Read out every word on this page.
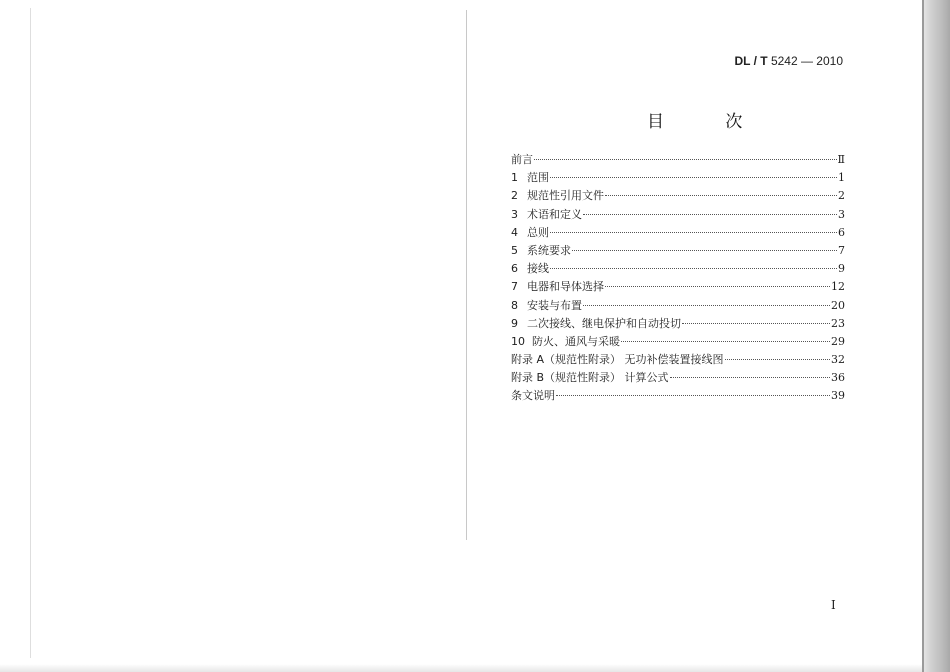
DL / T 5242 — 2010
目 次
前言	Ⅱ
1 范围	1
2 规范性引用文件	2
3 术语和定义	3
4 总则	6
5 系统要求	7
6 接线	9
7 电器和导体选择	12
8 安装与布置	20
9 二次接线、继电保护和自动投切	23
10 防火、通风与采暖	29
附录 A（规范性附录） 无功补偿装置接线图	32
附录 B（规范性附录） 计算公式	36
条文说明	39
I
